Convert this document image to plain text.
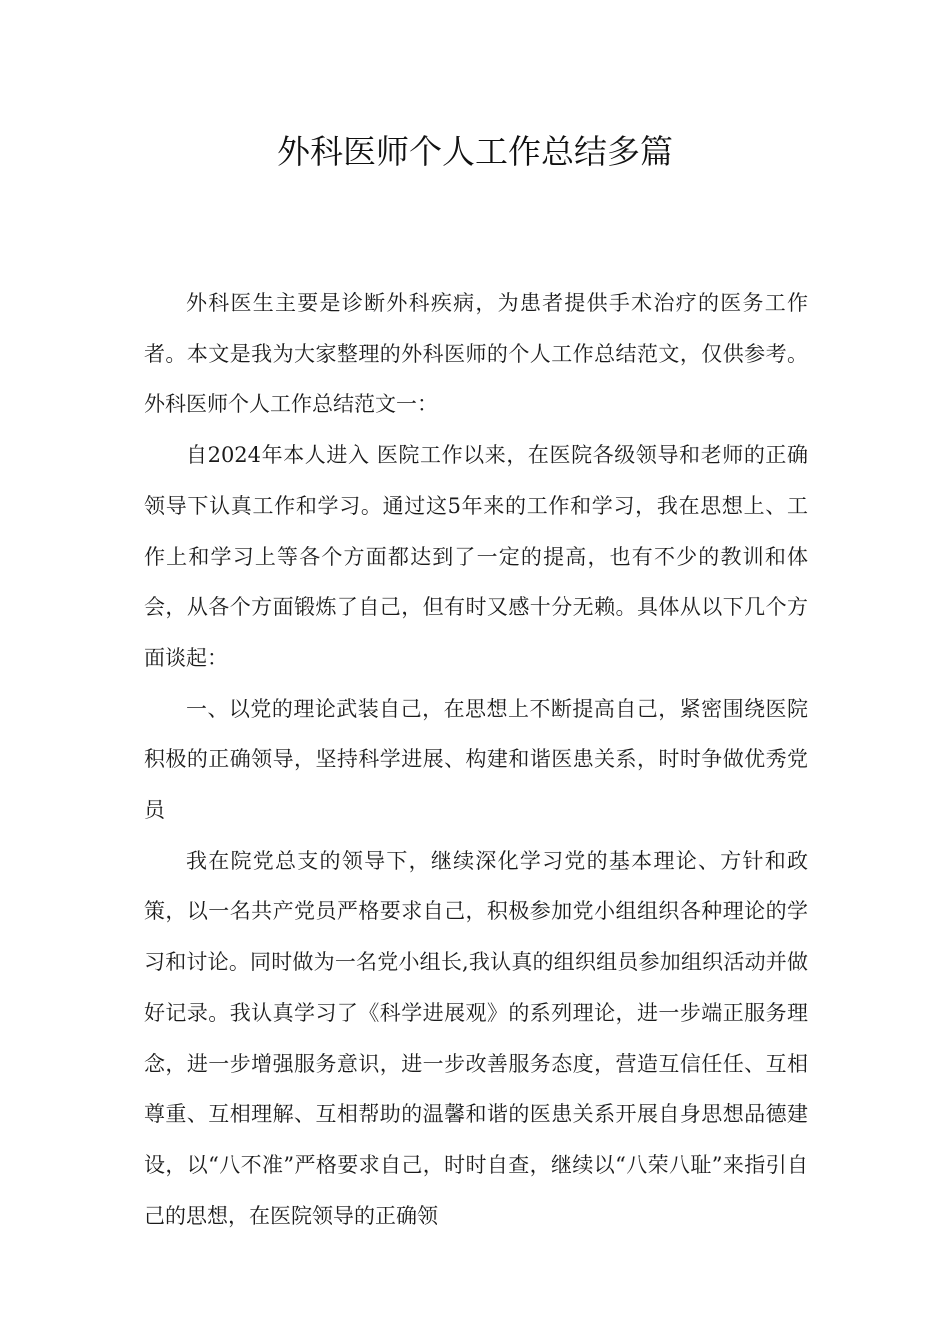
外科医师个人工作总结多篇

外科医生主要是诊断外科疾病，为患者提供手术治疗的医务工作者。本文是我为大家整理的外科医师的个人工作总结范文，仅供参考。外科医师个人工作总结范文一：

自2024年本人进入 医院工作以来，在医院各级领导和老师的正确领导下认真工作和学习。通过这5年来的工作和学习，我在思想上、工作上和学习上等各个方面都达到了一定的提高，也有不少的教训和体会，从各个方面锻炼了自己，但有时又感十分无赖。具体从以下几个方面谈起：

一、以党的理论武装自己，在思想上不断提高自己，紧密围绕医院积极的正确领导，坚持科学进展、构建和谐医患关系，时时争做优秀党员

我在院党总支的领导下，继续深化学习党的基本理论、方针和政策，以一名共产党员严格要求自己，积极参加党小组组织各种理论的学习和讨论。同时做为一名党小组长,我认真的组织组员参加组织活动并做好记录。我认真学习了《科学进展观》的系列理论，进一步端正服务理念，进一步增强服务意识，进一步改善服务态度，营造互信任任、互相尊重、互相理解、互相帮助的温馨和谐的医患关系开展自身思想品德建设，以“八不准”严格要求自己，时时自查，继续以“八荣八耻”来指引自己的思想，在医院领导的正确领
